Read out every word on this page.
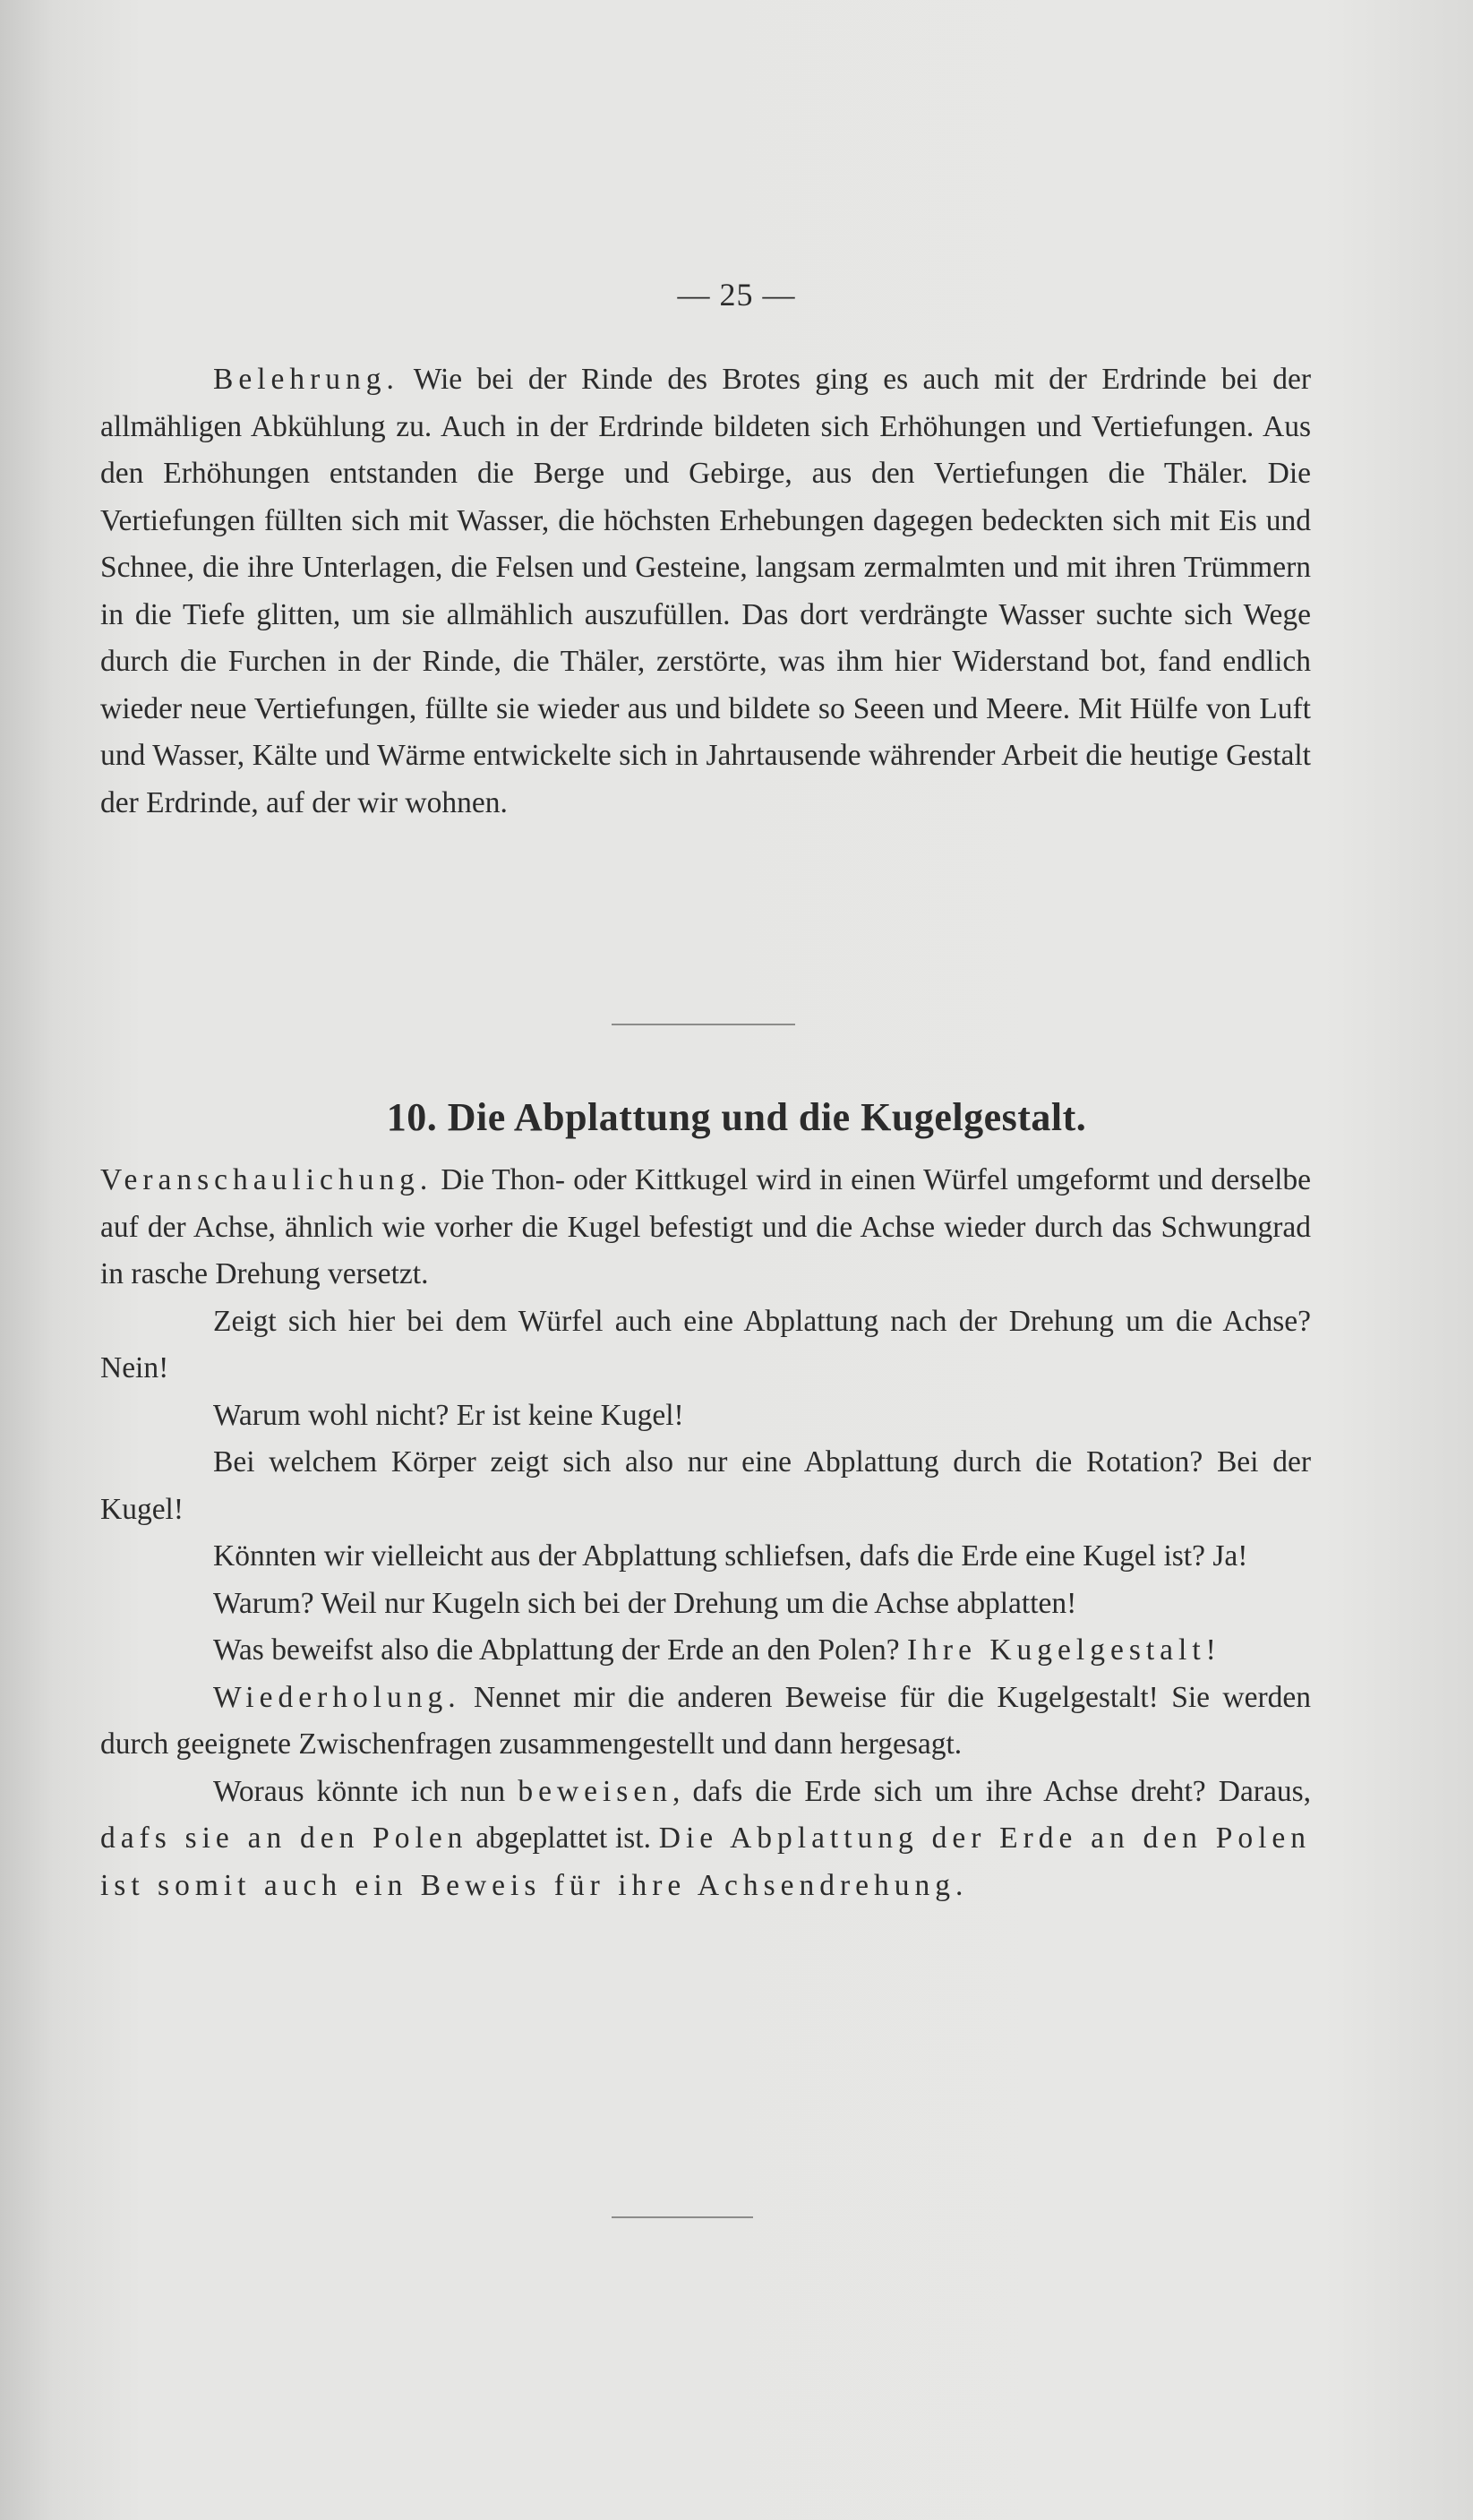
— 25 —

Belehrung. Wie bei der Rinde des Brotes ging es auch mit der Erdrinde bei der allmähligen Abkühlung zu. Auch in der Erdrinde bildeten sich Erhöhungen und Vertiefungen. Aus den Erhöhungen entstanden die Berge und Gebirge, aus den Vertiefungen die Thäler. Die Vertiefungen füllten sich mit Wasser, die höchsten Erhebungen dagegen bedeckten sich mit Eis und Schnee, die ihre Unterlagen, die Felsen und Gesteine, langsam zermalmten und mit ihren Trümmern in die Tiefe glitten, um sie allmählich auszufüllen. Das dort verdrängte Wasser suchte sich Wege durch die Furchen in der Rinde, die Thäler, zerstörte, was ihm hier Widerstand bot, fand endlich wieder neue Vertiefungen, füllte sie wieder aus und bildete so Seeen und Meere. Mit Hülfe von Luft und Wasser, Kälte und Wärme entwickelte sich in Jahrtausende währender Arbeit die heutige Gestalt der Erdrinde, auf der wir wohnen.

10. Die Abplattung und die Kugelgestalt.

Veranschaulichung. Die Thon- oder Kittkugel wird in einen Würfel umgeformt und derselbe auf der Achse, ähnlich wie vorher die Kugel befestigt und die Achse wieder durch das Schwungrad in rasche Drehung versetzt.

Zeigt sich hier bei dem Würfel auch eine Abplattung nach der Drehung um die Achse? Nein!

Warum wohl nicht? Er ist keine Kugel!

Bei welchem Körper zeigt sich also nur eine Abplattung durch die Rotation? Bei der Kugel!

Könnten wir vielleicht aus der Abplattung schliefsen, dafs die Erde eine Kugel ist? Ja!

Warum? Weil nur Kugeln sich bei der Drehung um die Achse abplatten!

Was beweifst also die Abplattung der Erde an den Polen? Ihre Kugelgestalt!

Wiederholung. Nennet mir die anderen Beweise für die Kugelgestalt! Sie werden durch geeignete Zwischenfragen zusammengestellt und dann hergesagt.

Woraus könnte ich nun beweisen, dafs die Erde sich um ihre Achse dreht? Daraus, dafs sie an den Polen abgeplattet ist. Die Abplattung der Erde an den Polen ist somit auch ein Beweis für ihre Achsendrehung.
